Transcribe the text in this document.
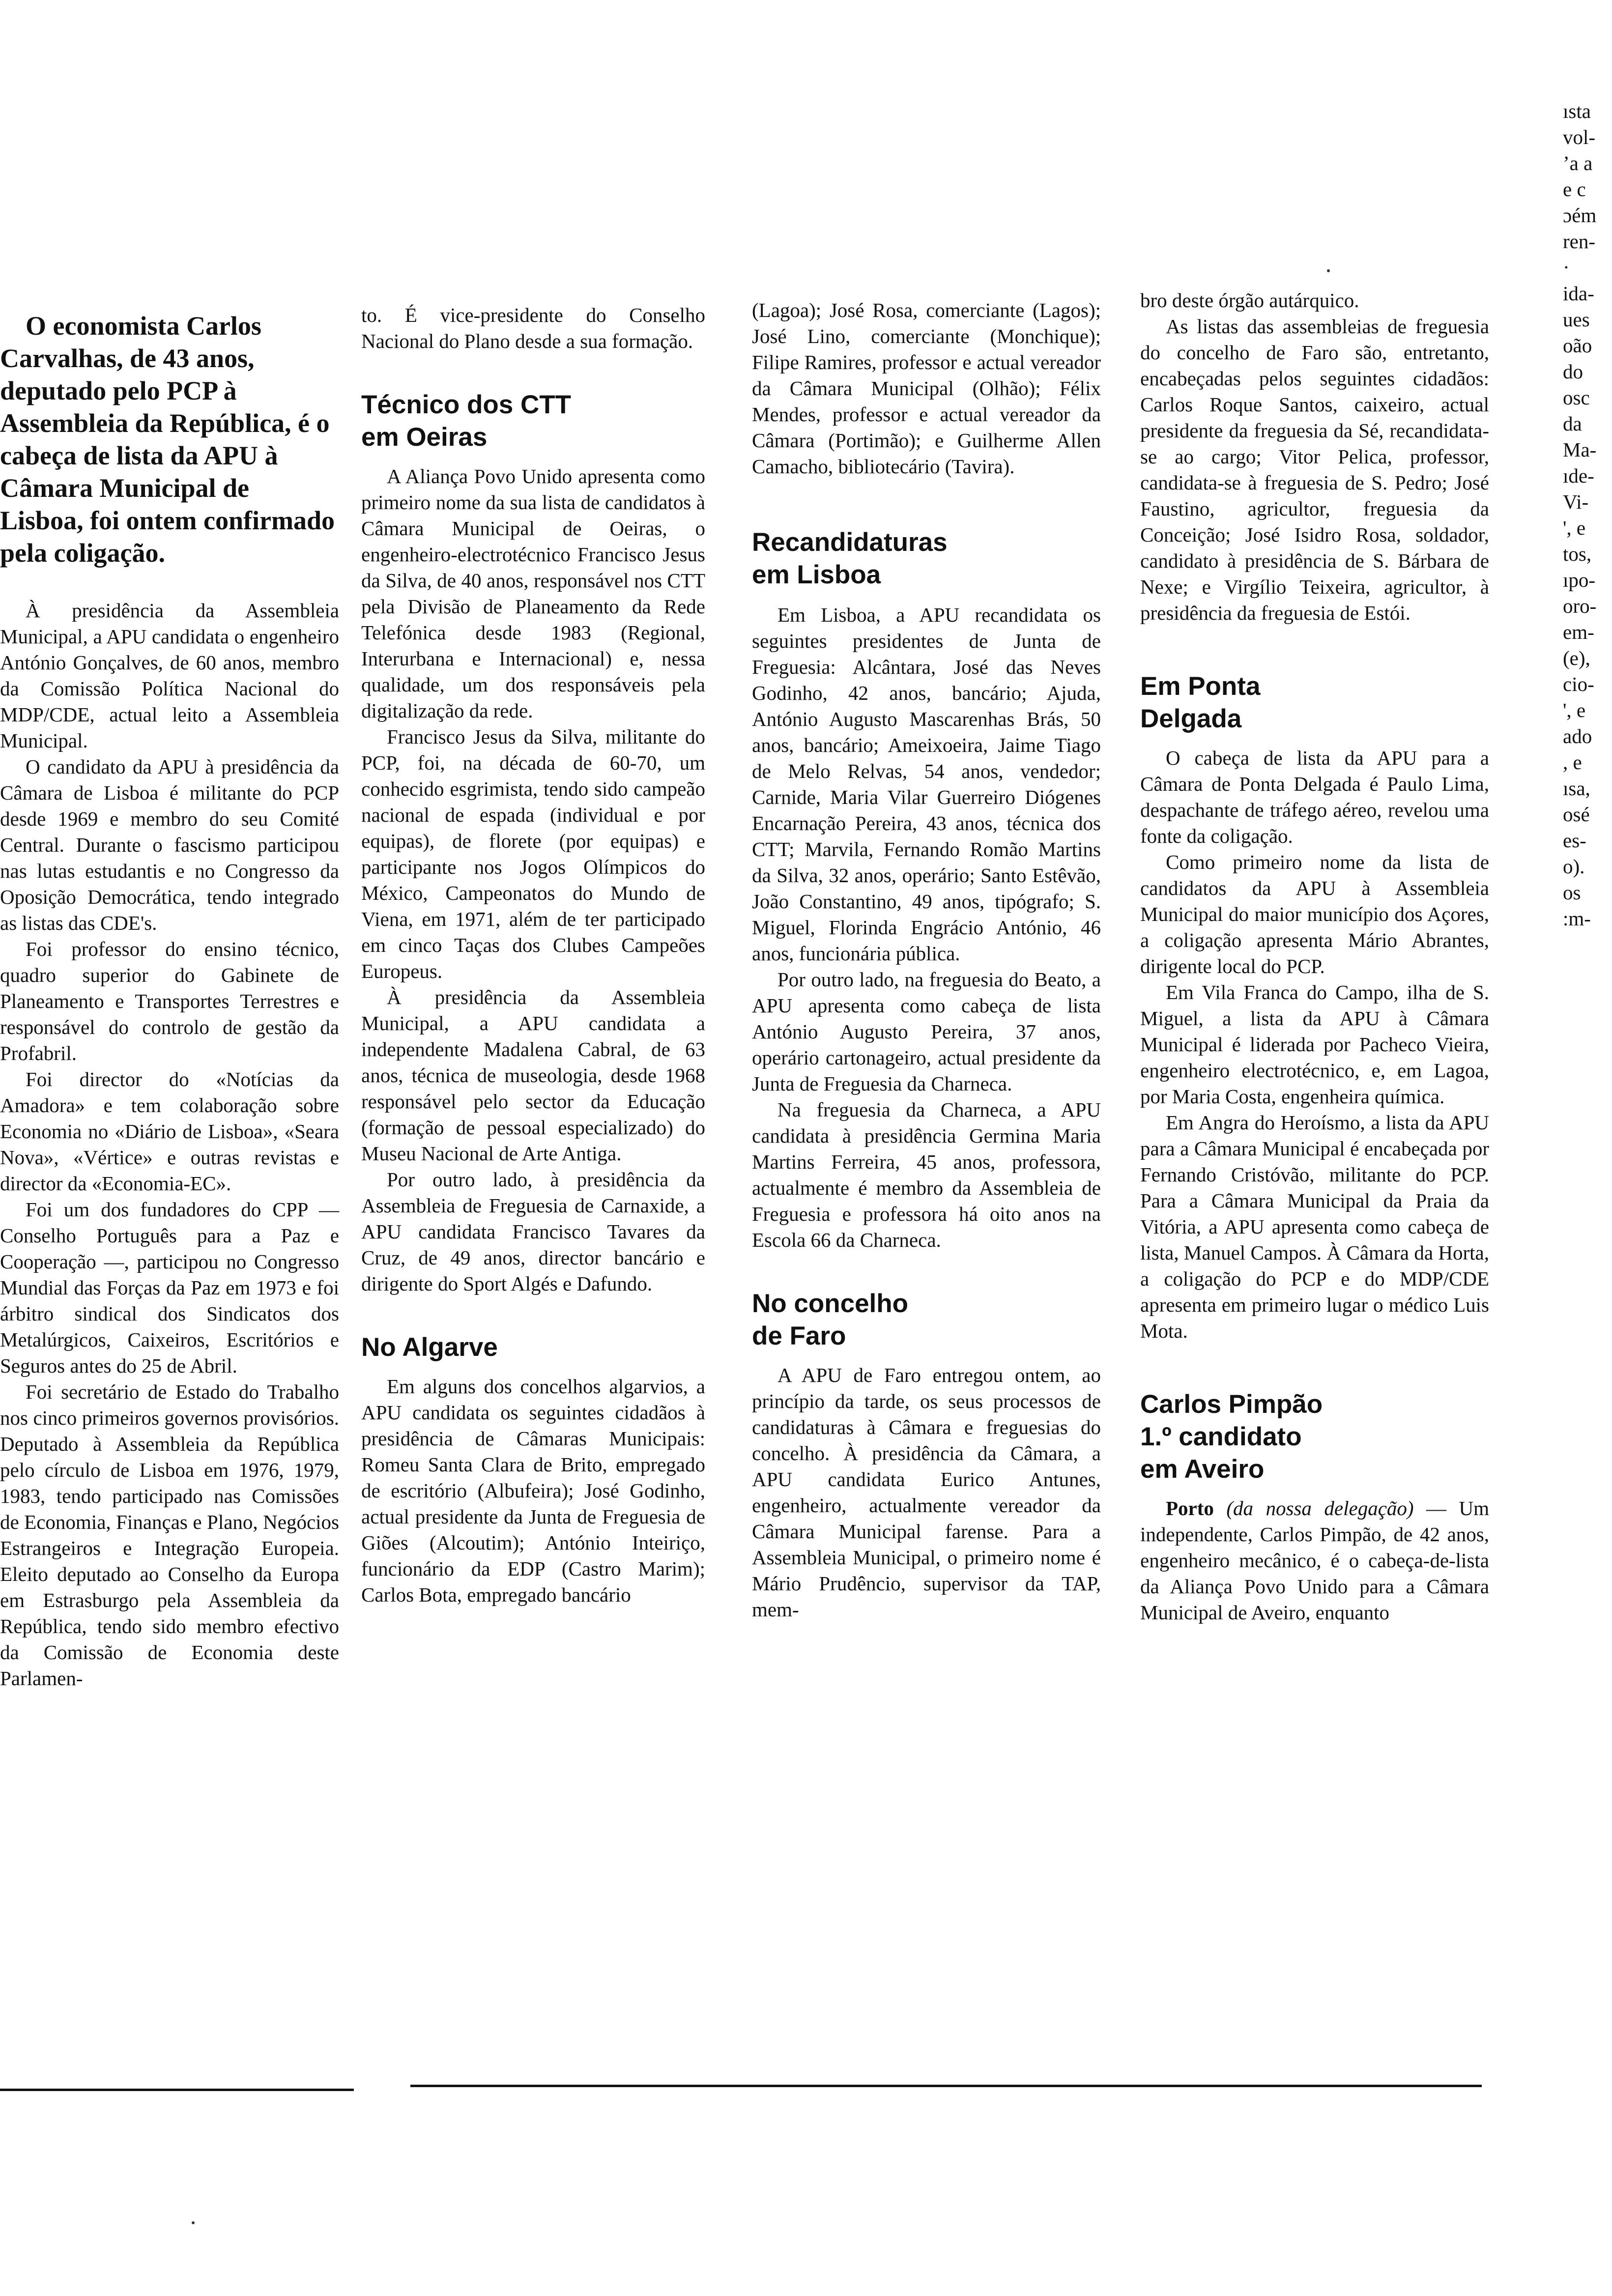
O economista Carlos Carvalhas, de 43 anos, deputado pelo PCP à Assembleia da República, é o cabeça de lista da APU à Câmara Municipal de Lisboa, foi ontem confirmado pela coligação.

À presidência da Assembleia Municipal, a APU candidata o engenheiro António Gonçalves, de 60 anos, membro da Comissão Política Nacional do MDP/CDE, actual leito a Assembleia Municipal.

O candidato da APU à presidência da Câmara de Lisboa é militante do PCP desde 1969 e membro do seu Comité Central. Durante o fascismo participou nas lutas estudantis e no Congresso da Oposição Democrática, tendo integrado as listas das CDE's.

Foi professor do ensino técnico, quadro superior do Gabinete de Planeamento e Transportes Terrestres e responsável do controlo de gestão da Profabril.

Foi director do «Notícias da Amadora» e tem colaboração sobre Economia no «Diário de Lisboa», «Seara Nova», «Vértice» e outras revistas e director da «Economia-EC».

Foi um dos fundadores do CPP — Conselho Português para a Paz e Cooperação —, participou no Congresso Mundial das Forças da Paz em 1973 e foi árbitro sindical dos Sindicatos dos Metalúrgicos, Caixeiros, Escritórios e Seguros antes do 25 de Abril.

Foi secretário de Estado do Trabalho nos cinco primeiros governos provisórios. Deputado à Assembleia da República pelo círculo de Lisboa em 1976, 1979, 1983, tendo participado nas Comissões de Economia, Finanças e Plano, Negócios Estrangeiros e Integração Europeia. Eleito deputado ao Conselho da Europa em Estrasburgo pela Assembleia da República, tendo sido membro efectivo da Comissão de Economia deste Parlamen-

to. É vice-presidente do Conselho Nacional do Plano desde a sua formação.

Técnico dos CTT
em Oeiras

A Aliança Povo Unido apresenta como primeiro nome da sua lista de candidatos à Câmara Municipal de Oeiras, o engenheiro-electrotécnico Francisco Jesus da Silva, de 40 anos, responsável nos CTT pela Divisão de Planeamento da Rede Telefónica desde 1983 (Regional, Interurbana e Internacional) e, nessa qualidade, um dos responsáveis pela digitalização da rede.

Francisco Jesus da Silva, militante do PCP, foi, na década de 60-70, um conhecido esgrimista, tendo sido campeão nacional de espada (individual e por equipas), de florete (por equipas) e participante nos Jogos Olímpicos do México, Campeonatos do Mundo de Viena, em 1971, além de ter participado em cinco Taças dos Clubes Campeões Europeus.

À presidência da Assembleia Municipal, a APU candidata a independente Madalena Cabral, de 63 anos, técnica de museologia, desde 1968 responsável pelo sector da Educação (formação de pessoal especializado) do Museu Nacional de Arte Antiga.

Por outro lado, à presidência da Assembleia de Freguesia de Carnaxide, a APU candidata Francisco Tavares da Cruz, de 49 anos, director bancário e dirigente do Sport Algés e Dafundo.

No Algarve

Em alguns dos concelhos algarvios, a APU candidata os seguintes cidadãos à presidência de Câmaras Municipais: Romeu Santa Clara de Brito, empregado de escritório (Albufeira); José Godinho, actual presidente da Junta de Freguesia de Giões (Alcoutim); António Inteiriço, funcionário da EDP (Castro Marim); Carlos Bota, empregado bancário

(Lagoa); José Rosa, comerciante (Lagos); José Lino, comerciante (Monchique); Filipe Ramires, professor e actual vereador da Câmara Municipal (Olhão); Félix Mendes, professor e actual vereador da Câmara (Portimão); e Guilherme Allen Camacho, bibliotecário (Tavira).

Recandidaturas
em Lisboa

Em Lisboa, a APU recandidata os seguintes presidentes de Junta de Freguesia: Alcântara, José das Neves Godinho, 42 anos, bancário; Ajuda, António Augusto Mascarenhas Brás, 50 anos, bancário; Ameixoeira, Jaime Tiago de Melo Relvas, 54 anos, vendedor; Carnide, Maria Vilar Guerreiro Diógenes Encarnação Pereira, 43 anos, técnica dos CTT; Marvila, Fernando Romão Martins da Silva, 32 anos, operário; Santo Estêvão, João Constantino, 49 anos, tipógrafo; S. Miguel, Florinda Engrácio António, 46 anos, funcionária pública.

Por outro lado, na freguesia do Beato, a APU apresenta como cabeça de lista António Augusto Pereira, 37 anos, operário cartonageiro, actual presidente da Junta de Freguesia da Charneca.

Na freguesia da Charneca, a APU candidata à presidência Germina Maria Martins Ferreira, 45 anos, professora, actualmente é membro da Assembleia de Freguesia e professora há oito anos na Escola 66 da Charneca.

No concelho
de Faro

A APU de Faro entregou ontem, ao princípio da tarde, os seus processos de candidaturas à Câmara e freguesias do concelho. À presidência da Câmara, a APU candidata Eurico Antunes, engenheiro, actualmente vereador da Câmara Municipal farense. Para a Assembleia Municipal, o primeiro nome é Mário Prudêncio, supervisor da TAP, mem-

bro deste órgão autárquico.

As listas das assembleias de freguesia do concelho de Faro são, entretanto, encabeçadas pelos seguintes cidadãos: Carlos Roque Santos, caixeiro, actual presidente da freguesia da Sé, recandidata-se ao cargo; Vitor Pelica, professor, candidata-se à freguesia de S. Pedro; José Faustino, agricultor, freguesia da Conceição; José Isidro Rosa, soldador, candidato à presidência de S. Bárbara de Nexe; e Virgílio Teixeira, agricultor, à presidência da freguesia de Estói.

Em Ponta
Delgada

O cabeça de lista da APU para a Câmara de Ponta Delgada é Paulo Lima, despachante de tráfego aéreo, revelou uma fonte da coligação.

Como primeiro nome da lista de candidatos da APU à Assembleia Municipal do maior município dos Açores, a coligação apresenta Mário Abrantes, dirigente local do PCP.

Em Vila Franca do Campo, ilha de S. Miguel, a lista da APU à Câmara Municipal é liderada por Pacheco Vieira, engenheiro electrotécnico, e, em Lagoa, por Maria Costa, engenheira química.

Em Angra do Heroísmo, a lista da APU para a Câmara Municipal é encabeçada por Fernando Cristóvão, militante do PCP. Para a Câmara Municipal da Praia da Vitória, a APU apresenta como cabeça de lista, Manuel Campos. À Câmara da Horta, a coligação do PCP e do MDP/CDE apresenta em primeiro lugar o médico Luis Mota.

Carlos Pimpão
1.º candidato
em Aveiro

Porto (da nossa delegação) — Um independente, Carlos Pimpão, de 42 anos, engenheiro mecânico, é o cabeça-de-lista da Aliança Povo Unido para a Câmara Municipal de Aveiro, enquanto

ısta
vol-
ʼa a
e c
ɔém
ren-
·
ida-
ues
oão
do
osc
da
Ma-
ıde-
Vi-
', e
tos,
ıpo-
oro-
em-
(e),
cio-
', e
ado
, e
ısa,
osé
es-
o).
os
:m-
